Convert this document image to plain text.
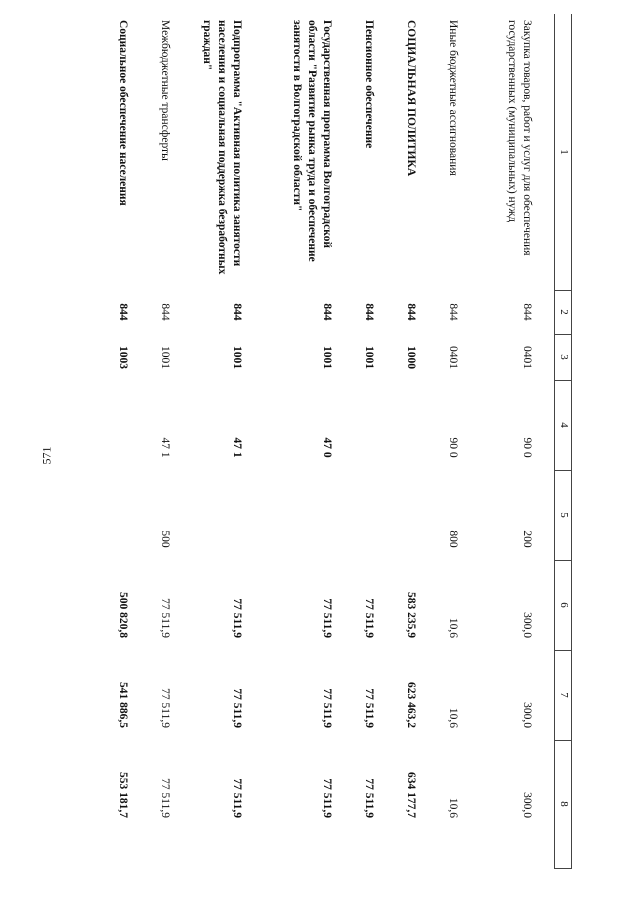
571
1
2
3
4
5
6
7
8
Закупка товаров, работ и услуг для обеспечения государственных (муниципальных) нужд
844
0401
90 0
200
300,0
300,0
300,0
Иные бюджетные ассигнования
844
0401
90 0
800
10,6
10,6
10,6
СОЦИАЛЬНАЯ ПОЛИТИКА
844
1000
583 235,9
623 463,2
634 177,7
Пенсионное обеспечение
844
1001
77 511,9
77 511,9
77 511,9
Государственная программа Волгоградской области "Развитие рынка труда и обеспечение занятости в Волгоградской области"
844
1001
47 0
77 511,9
77 511,9
77 511,9
Подпрограмма "Активная политика занятости населения и социальная поддержка безработных граждан"
844
1001
47 1
77 511,9
77 511,9
77 511,9
Межбюджетные трансферты
844
1001
47 1
500
77 511,9
77 511,9
77 511,9
Социальное обеспечение населения
844
1003
500 820,8
541 886,5
553 181,7
